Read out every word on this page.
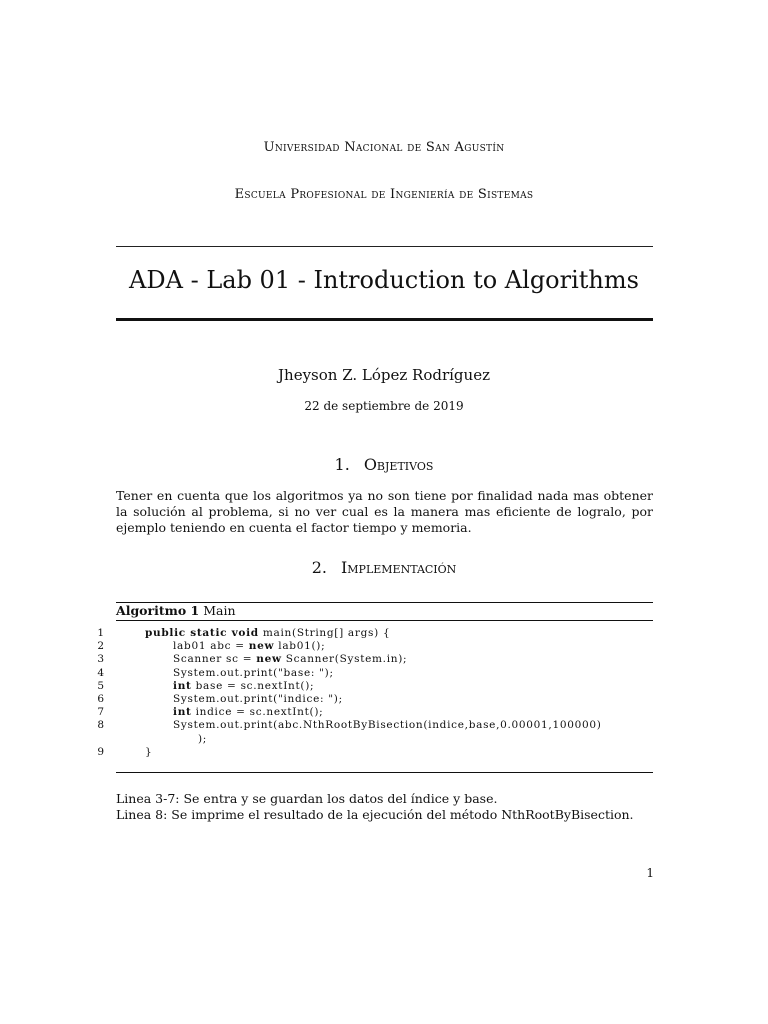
Universidad Nacional de San Agustín
Escuela Profesional de Ingeniería de Sistemas
ADA - Lab 01 - Introduction to Algorithms
Jheyson Z. López Rodríguez
22 de septiembre de 2019
1. Objetivos

Tener en cuenta que los algoritmos ya no son tiene por finalidad nada mas obtener la solución al problema, si no ver cual es la manera mas eficiente de logralo, por ejemplo teniendo en cuenta el factor tiempo y memoria.

2. Implementación
Algoritmo 1 Main
1	public static void main(String[] args) {
2	lab01 abc = new lab01();
3	Scanner sc = new Scanner(System.in);
4	System.out.print("base: ");
5	int base = sc.nextInt();
6	System.out.print("indice: ");
7	int indice = sc.nextInt();
8	System.out.print(abc.NthRootByBisection(indice,base,0.00001,100000)
);
9	}
Linea 3-7: Se entra y se guardan los datos del índice y base.
Linea 8: Se imprime el resultado de la ejecución del método NthRootByBisection.
1
